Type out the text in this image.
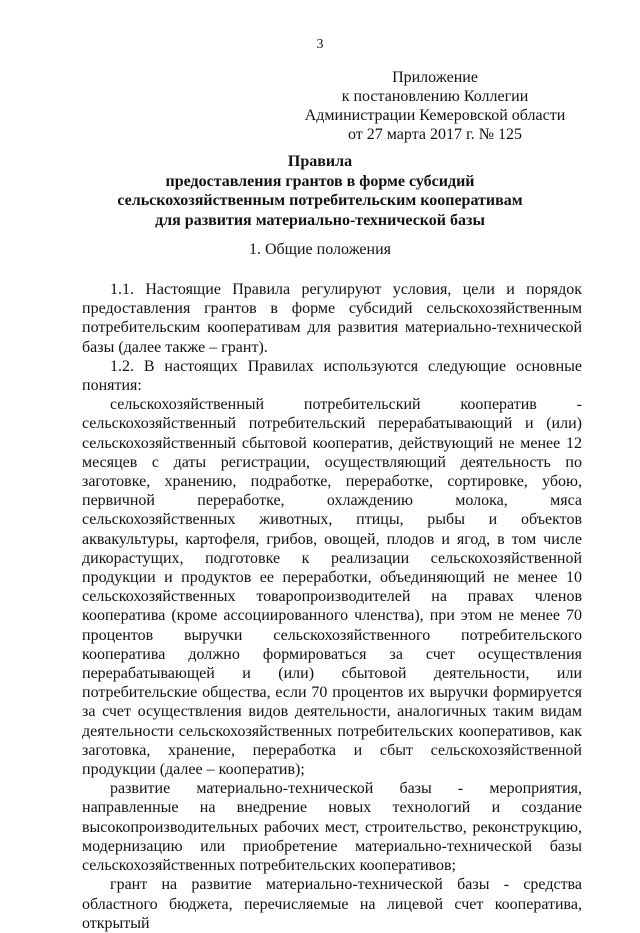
3
Приложение
к постановлению Коллегии
Администрации Кемеровской области
от 27 марта 2017 г. № 125
Правила
предоставления грантов в форме субсидий
сельскохозяйственным потребительским кооперативам
для развития материально-технической базы
1. Общие положения

1.1. Настоящие Правила регулируют условия, цели и порядок предоставления грантов в форме субсидий сельскохозяйственным потребительским кооперативам для развития материально-технической базы (далее также – грант).

1.2. В настоящих Правилах используются следующие основные понятия:

сельскохозяйственный потребительский кооператив - сельскохозяйственный потребительский перерабатывающий и (или) сельскохозяйственный сбытовой кооператив, действующий не менее 12 месяцев с даты регистрации, осуществляющий деятельность по заготовке, хранению, подработке, переработке, сортировке, убою, первичной переработке, охлаждению молока, мяса сельскохозяйственных животных, птицы, рыбы и объектов аквакультуры, картофеля, грибов, овощей, плодов и ягод, в том числе дикорастущих, подготовке к реализации сельскохозяйственной продукции и продуктов ее переработки, объединяющий не менее 10 сельскохозяйственных товаропроизводителей на правах членов кооператива (кроме ассоциированного членства), при этом не менее 70 процентов выручки сельскохозяйственного потребительского кооператива должно формироваться за счет осуществления перерабатывающей и (или) сбытовой деятельности, или потребительские общества, если 70 процентов их выручки формируется за счет осуществления видов деятельности, аналогичных таким видам деятельности сельскохозяйственных потребительских кооперативов, как заготовка, хранение, переработка и сбыт сельскохозяйственной продукции (далее – кооператив);

развитие материально-технической базы - мероприятия, направленные на внедрение новых технологий и создание высокопроизводительных рабочих мест, строительство, реконструкцию, модернизацию или приобретение материально-технической базы сельскохозяйственных потребительских кооперативов;

грант на развитие материально-технической базы - средства областного бюджета, перечисляемые на лицевой счет кооператива, открытый
